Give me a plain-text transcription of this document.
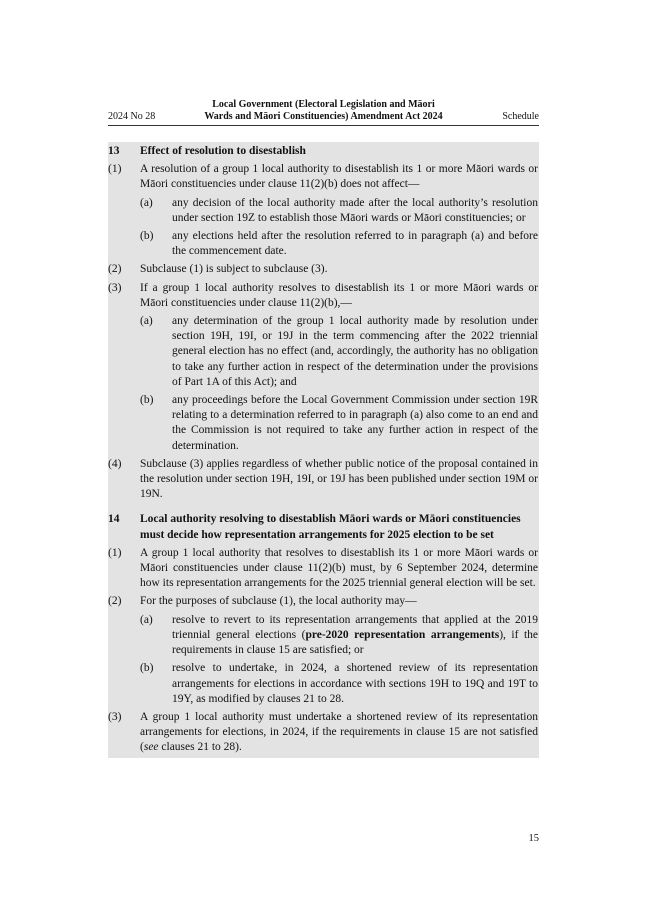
Local Government (Electoral Legislation and Māori
Wards and Māori Constituencies) Amendment Act 2024
2024 No 28	Schedule
13	Effect of resolution to disestablish
(1)	A resolution of a group 1 local authority to disestablish its 1 or more Māori wards or Māori constituencies under clause 11(2)(b) does not affect—
(a)	any decision of the local authority made after the local authority’s resolution under section 19Z to establish those Māori wards or Māori constituencies; or
(b)	any elections held after the resolution referred to in paragraph (a) and before the commencement date.
(2)	Subclause (1) is subject to subclause (3).
(3)	If a group 1 local authority resolves to disestablish its 1 or more Māori wards or Māori constituencies under clause 11(2)(b),—
(a)	any determination of the group 1 local authority made by resolution under section 19H, 19I, or 19J in the term commencing after the 2022 triennial general election has no effect (and, accordingly, the authority has no obligation to take any further action in respect of the determination under the provisions of Part 1A of this Act); and
(b)	any proceedings before the Local Government Commission under section 19R relating to a determination referred to in paragraph (a) also come to an end and the Commission is not required to take any further action in respect of the determination.
(4)	Subclause (3) applies regardless of whether public notice of the proposal contained in the resolution under section 19H, 19I, or 19J has been published under section 19M or 19N.
14	Local authority resolving to disestablish Māori wards or Māori constituencies must decide how representation arrangements for 2025 election to be set
(1)	A group 1 local authority that resolves to disestablish its 1 or more Māori wards or Māori constituencies under clause 11(2)(b) must, by 6 September 2024, determine how its representation arrangements for the 2025 triennial general election will be set.
(2)	For the purposes of subclause (1), the local authority may—
(a)	resolve to revert to its representation arrangements that applied at the 2019 triennial general elections (pre-2020 representation arrangements), if the requirements in clause 15 are satisfied; or
(b)	resolve to undertake, in 2024, a shortened review of its representation arrangements for elections in accordance with sections 19H to 19Q and 19T to 19Y, as modified by clauses 21 to 28.
(3)	A group 1 local authority must undertake a shortened review of its representation arrangements for elections, in 2024, if the requirements in clause 15 are not satisfied (see clauses 21 to 28).
15
